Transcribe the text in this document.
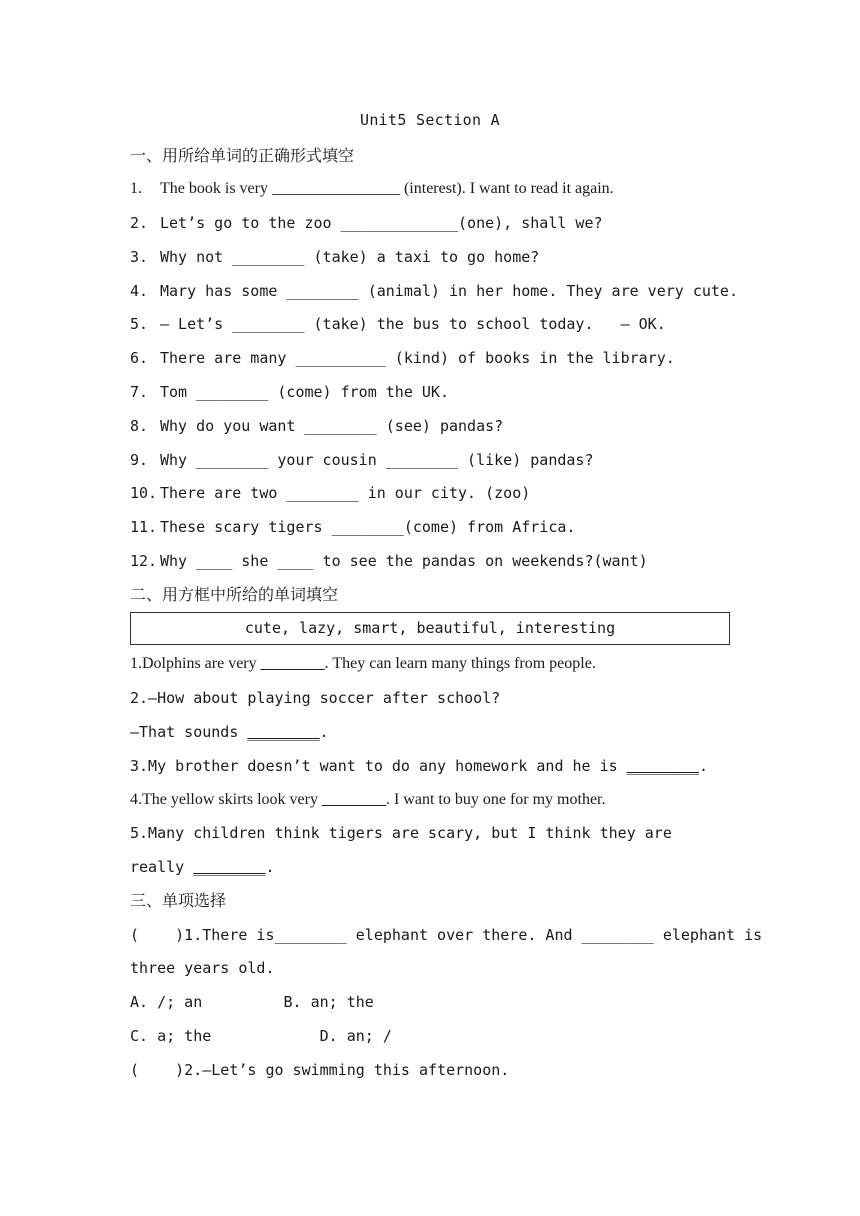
Unit5 Section A
一、用所给单词的正确形式填空
1. The book is very ________________ (interest). I want to read it again.
2. Let’s go to the zoo _____________(one), shall we?
3. Why not ________ (take) a taxi to go home?
4. Mary has some ________ (animal) in her home. They are very cute.
5. — Let’s ________ (take) the bus to school today.   — OK.
6. There are many __________ (kind) of books in the library.
7. Tom ________ (come) from the UK.
8. Why do you want ________ (see) pandas?
9. Why ________ your cousin ________ (like) pandas?
10. There are two ________ in our city. (zoo)
11. These scary tigers ________(come) from Africa.
12. Why ____ she ____ to see the pandas on weekends?(want)
二、用方框中所给的单词填空
cute, lazy, smart, beautiful, interesting
1.Dolphins are very ________. They can learn many things from people.
2.—How about playing soccer after school?
—That sounds ________.
3.My brother doesn’t want to do any homework and he is ________.
4.The yellow skirts look very ________. I want to buy one for my mother.
5.Many children think tigers are scary, but I think they are
really ________.
三、单项选择
(    )1.There is________ elephant over there. And ________ elephant is
three years old.
A. /; an         B. an; the
C. a; the            D. an; /
(    )2.—Let’s go swimming this afternoon.
